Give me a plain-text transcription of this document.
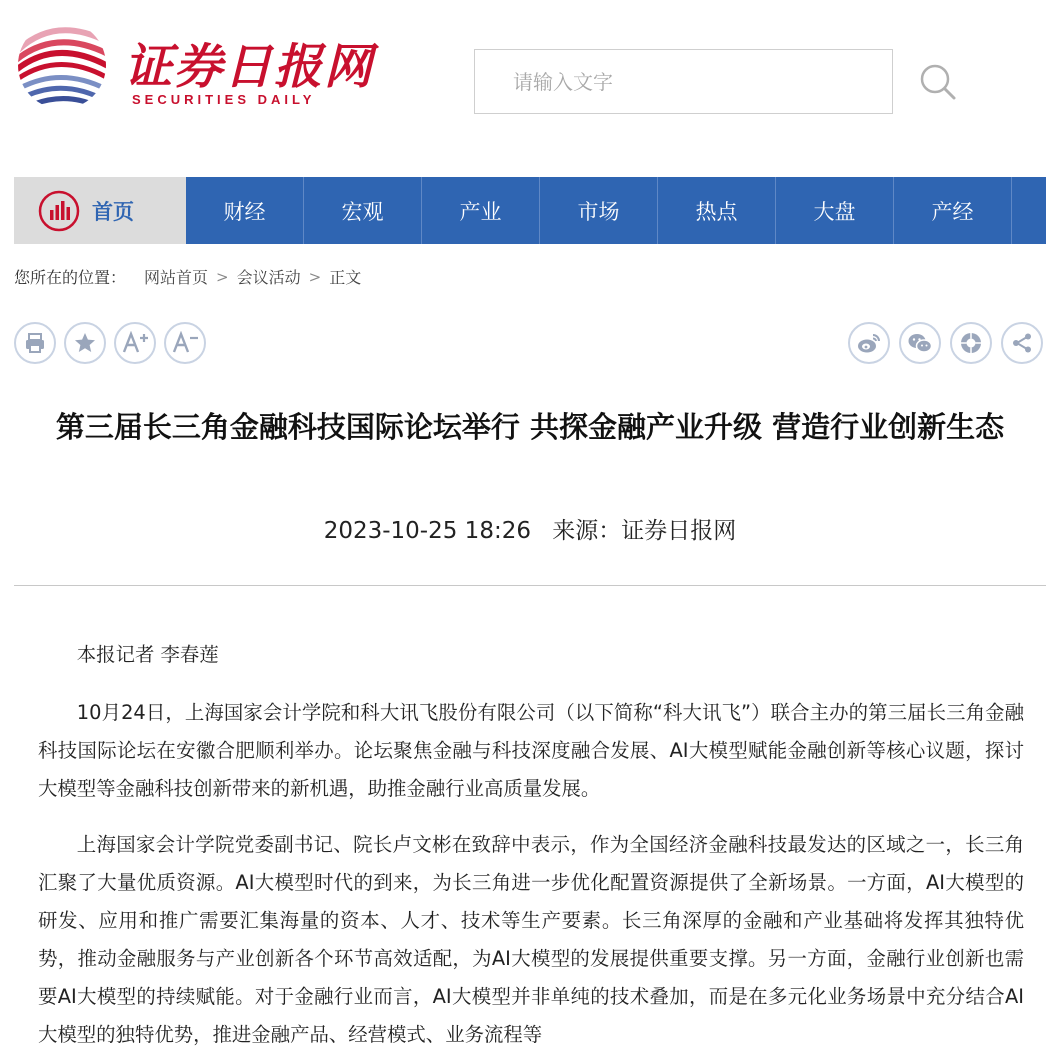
证券日报网
SECURITIES DAILY
请输入文字
首页	财经	宏观	产业	市场	热点	大盘	产经
您所在的位置： 网站首页 > 会议活动 > 正文
第三届长三角金融科技国际论坛举行 共探金融产业升级 营造行业创新生态
2023-10-25 18:26 来源：证券日报网

本报记者 李春莲

10月24日，上海国家会计学院和科大讯飞股份有限公司（以下简称“科大讯飞”）联合主办的第三届长三角金融科技国际论坛在安徽合肥顺利举办。论坛聚焦金融与科技深度融合发展、AI大模型赋能金融创新等核心议题，探讨大模型等金融科技创新带来的新机遇，助推金融行业高质量发展。

上海国家会计学院党委副书记、院长卢文彬在致辞中表示，作为全国经济金融科技最发达的区域之一，长三角汇聚了大量优质资源。AI大模型时代的到来，为长三角进一步优化配置资源提供了全新场景。一方面，AI大模型的研发、应用和推广需要汇集海量的资本、人才、技术等生产要素。长三角深厚的金融和产业基础将发挥其独特优势，推动金融服务与产业创新各个环节高效适配，为AI大模型的发展提供重要支撑。另一方面，金融行业创新也需要AI大模型的持续赋能。对于金融行业而言，AI大模型并非单纯的技术叠加，而是在多元化业务场景中充分结合AI大模型的独特优势，推进金融产品、经营模式、业务流程等
